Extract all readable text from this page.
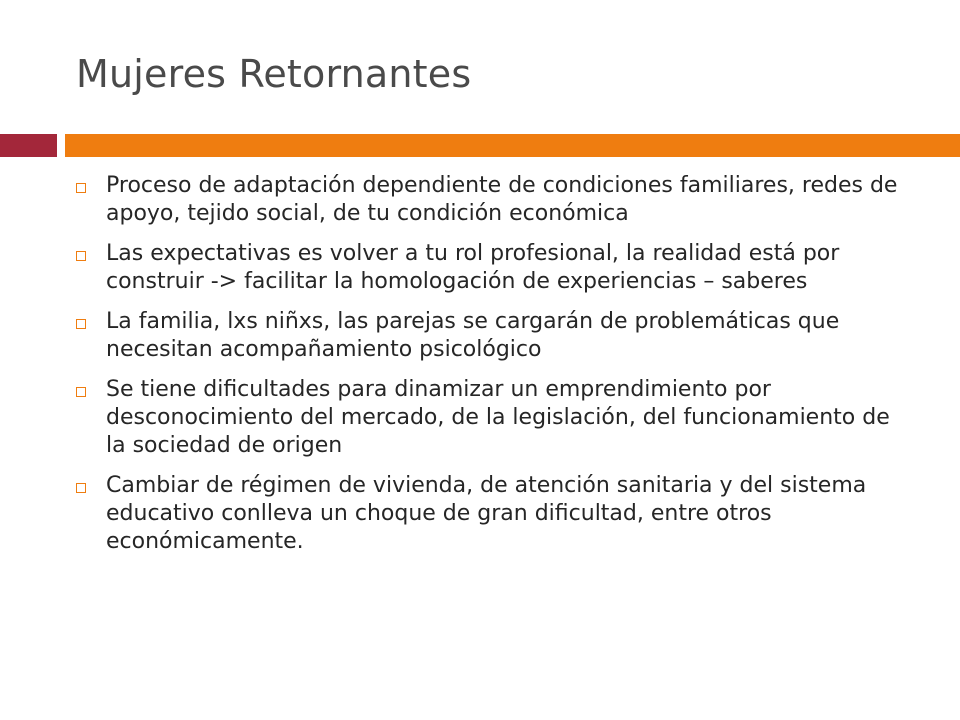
Mujeres Retornantes
Proceso de adaptación dependiente de condiciones familiares, redes de apoyo, tejido social, de tu condición económica
Las expectativas es volver a tu rol profesional, la realidad está por construir -> facilitar la homologación de experiencias – saberes
La familia, lxs niñxs, las parejas se cargarán de problemáticas que necesitan acompañamiento psicológico
Se tiene dificultades para dinamizar un emprendimiento por desconocimiento del mercado, de la legislación, del funcionamiento de la sociedad de origen
Cambiar de régimen de vivienda, de atención sanitaria y del sistema educativo conlleva un choque de gran dificultad, entre otros económicamente.
